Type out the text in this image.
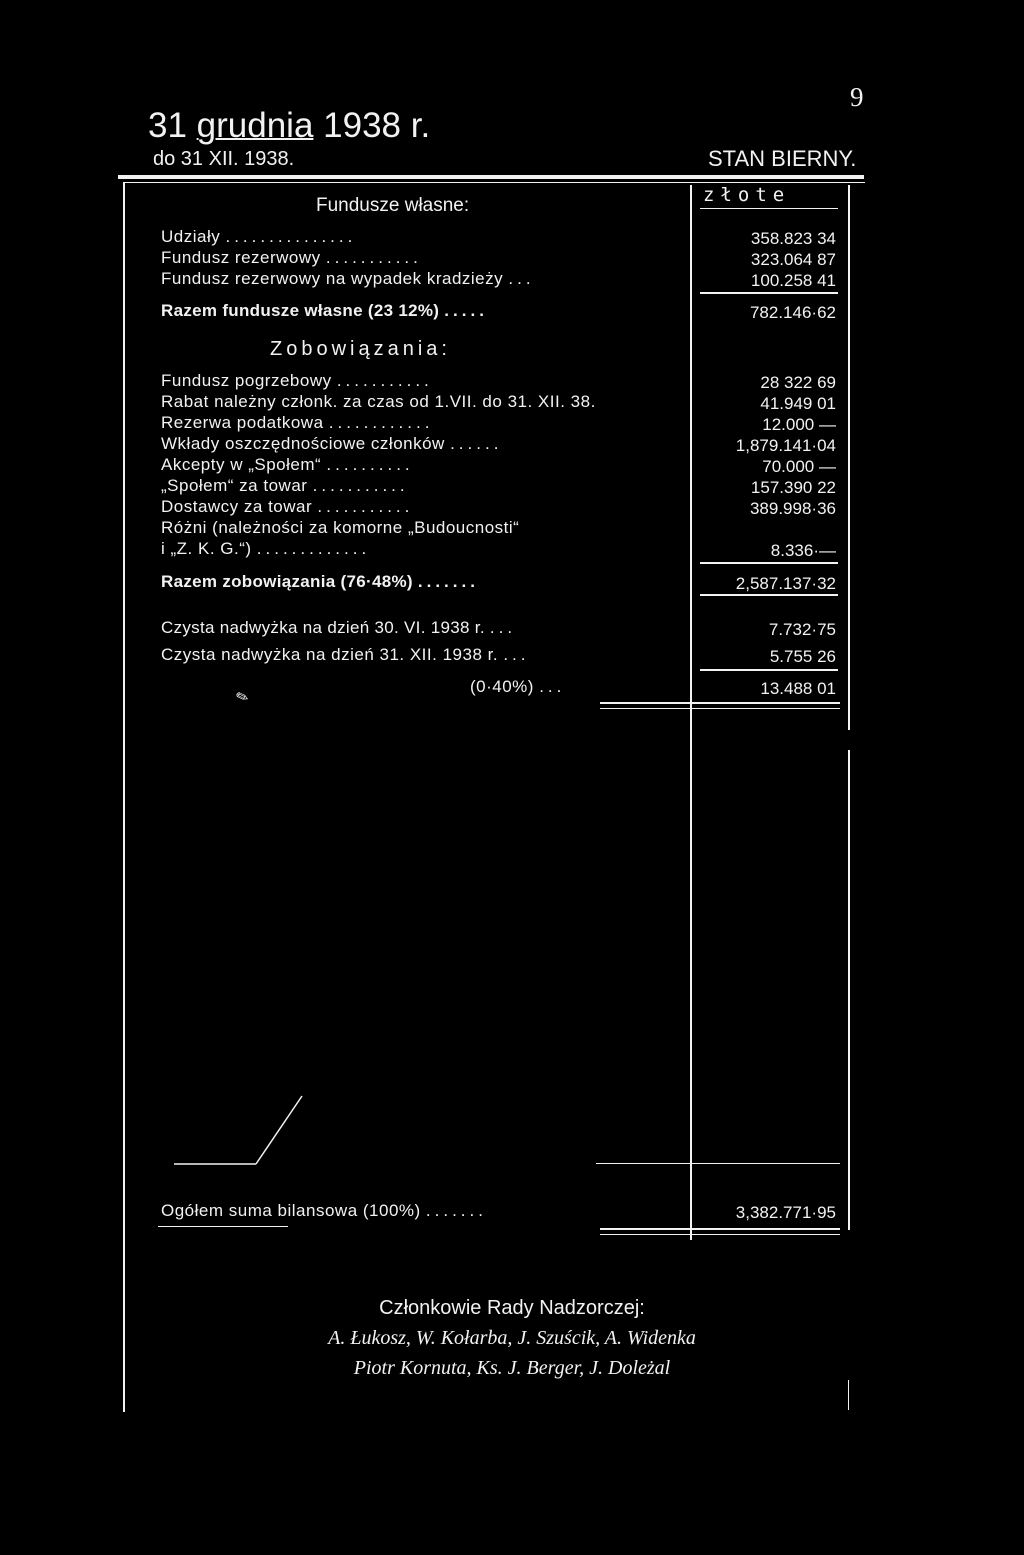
9
31 grudnia 1938 r.
do 31 XII. 1938.	STAN BIERNY.
Fundusze własne:	złote
Udziały ...............	358.823 34
Fundusz rezerwowy ...........	323.064 87
Fundusz rezerwowy na wypadek kradzieży ...	100.258 41
Razem fundusze własne (23 12%) .....	782.146·62
Zobowiązania:
Fundusz pogrzebowy ...........	28 322 69
Rabat należny członk. za czas od 1.VII. do 31. XII. 38.	41.949 01
Rezerwa podatkowa ............	12.000 —
Wkłady oszczędnościowe członków ......	1,879.141·04
Akcepty w „Społem“ ..........	70.000 —
„Społem“ za towar ...........	157.390 22
Dostawcy za towar ...........	389.998·36
Różni (należności za komorne „Budoucnosti“
i „Z. K. G.“) .............	8.336·—
Razem zobowiązania (76·48%) .......	2,587.137·32
Czysta nadwyżka na dzień 30. VI. 1938 r. ...	7.732·75
Czysta nadwyżka na dzień 31. XII. 1938 r. ...	5.755 26
✎	(0·40%) ...	13.488 01
Ogółem suma bilansowa (100%) .......	3,382.771·95
Członkowie Rady Nadzorczej:
A. Łukosz, W. Kołarba, J. Szuścik, A. Widenka
Piotr Kornuta, Ks. J. Berger, J. Doleżal
